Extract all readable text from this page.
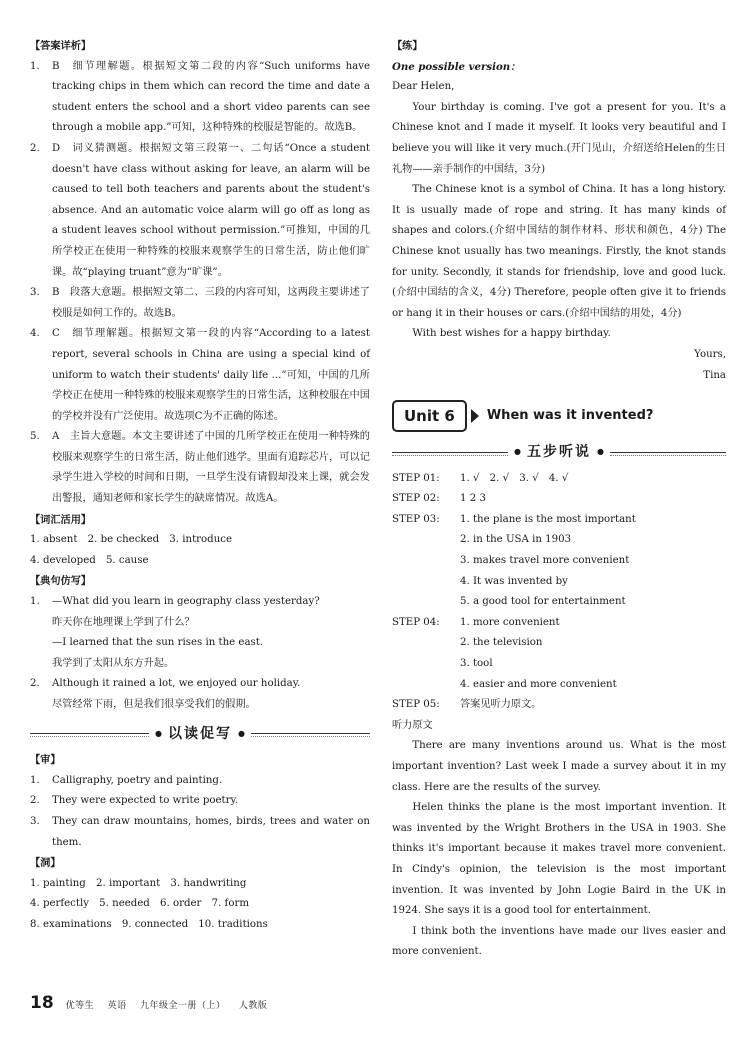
【答案详析】
1. B　细节理解题。根据短文第二段的内容“Such uniforms have tracking chips in them which can record the time and date a student enters the school and a short video parents can see through a mobile app.”可知，这种特殊的校服是智能的。故选B。
2. D　词义猜测题。根据短文第三段第一、二句话“Once a student doesn't have class without asking for leave, an alarm will be caused to tell both teachers and parents about the student's absence. And an automatic voice alarm will go off as long as a student leaves school without permission.”可推知，中国的几所学校正在使用一种特殊的校服来观察学生的日常生活，防止他们旷课。故“playing truant”意为“旷课”。
3. B　段落大意题。根据短文第二、三段的内容可知，这两段主要讲述了校服是如何工作的。故选B。
4. C　细节理解题。根据短文第一段的内容“According to a latest report, several schools in China are using a special kind of uniform to watch their students' daily life ...”可知，中国的几所学校正在使用一种特殊的校服来观察学生的日常生活，这种校服在中国的学校并没有广泛使用。故选项C为不正确的陈述。
5. A　主旨大意题。本文主要讲述了中国的几所学校正在使用一种特殊的校服来观察学生的日常生活，防止他们逃学。里面有追踪芯片，可以记录学生进入学校的时间和日期，一旦学生没有请假却没来上课，就会发出警报，通知老师和家长学生的缺席情况。故选A。
【词汇活用】
1. absent　2. be checked　3. introduce
4. developed　5. cause
【典句仿写】
1. —What did you learn in geography class yesterday?
昨天你在地理课上学到了什么？
—I learned that the sun rises in the east.
我学到了太阳从东方升起。
2. Although it rained a lot, we enjoyed our holiday.
尽管经常下雨，但是我们很享受我们的假期。
● 以读促写 ●
【审】
1. Calligraphy, poetry and painting.
2. They were expected to write poetry.
3. They can draw mountains, homes, birds, trees and water on them.
【洞】
1. painting　2. important　3. handwriting
4. perfectly　5. needed　6. order　7. form
8. examinations　9. connected　10. traditions
【练】
One possible version：
Dear Helen,
Your birthday is coming. I've got a present for you. It's a Chinese knot and I made it myself. It looks very beautiful and I believe you will like it very much.(开门见山，介绍送给Helen的生日礼物——亲手制作的中国结，3分)
The Chinese knot is a symbol of China. It has a long history. It is usually made of rope and string. It has many kinds of shapes and colors.(介绍中国结的制作材料、形状和颜色，4分) The Chinese knot usually has two meanings. Firstly, the knot stands for unity. Secondly, it stands for friendship, love and good luck.(介绍中国结的含义，4分) Therefore, people often give it to friends or hang it in their houses or cars.(介绍中国结的用处，4分)
With best wishes for a happy birthday.
Yours,
Tina
Unit 6	When was it invented?
● 五步听说 ●
STEP 01:	1. √　2. √　3. √　4. √
STEP 02:	1 2 3
STEP 03:	1. the plane is the most important
2. in the USA in 1903
3. makes travel more convenient
4. It was invented by
5. a good tool for entertainment
STEP 04:	1. more convenient
2. the television
3. tool
4. easier and more convenient
STEP 05:	答案见听力原文。
听力原文
There are many inventions around us. What is the most important invention? Last week I made a survey about it in my class. Here are the results of the survey.
Helen thinks the plane is the most important invention. It was invented by the Wright Brothers in the USA in 1903. She thinks it's important because it makes travel more convenient. In Cindy's opinion, the television is the most important invention. It was invented by John Logie Baird in the UK in 1924. She says it is a good tool for entertainment.
I think both the inventions have made our lives easier and more convenient.
18 优等生 英语 九年级全一册（上） 人教版
